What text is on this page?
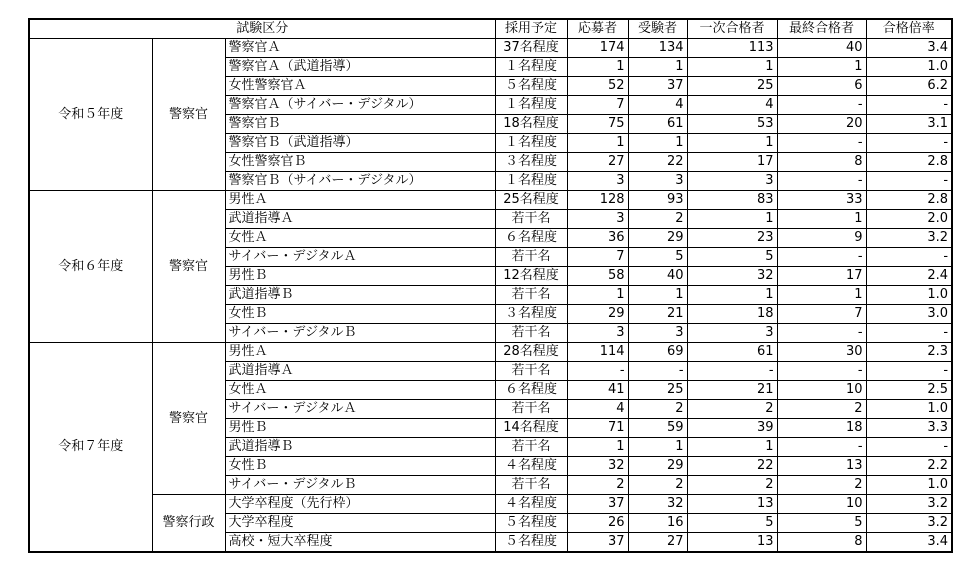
試験区分			採用予定	応募者	受験者	一次合格者	最終合格者	合格倍率
令和５年度	警察官	警察官Ａ	37名程度	174	134	113	40	3.4
		警察官Ａ（武道指導）	１名程度	1	1	1	1	1.0
		女性警察官Ａ	５名程度	52	37	25	6	6.2
		警察官Ａ（サイバー・デジタル）	１名程度	7	4	4	-	-
		警察官Ｂ	18名程度	75	61	53	20	3.1
		警察官Ｂ（武道指導）	１名程度	1	1	1	-	-
		女性警察官Ｂ	３名程度	27	22	17	8	2.8
		警察官Ｂ（サイバー・デジタル）	１名程度	3	3	3	-	-
令和６年度	警察官	男性Ａ	25名程度	128	93	83	33	2.8
		武道指導Ａ	若干名	3	2	1	1	2.0
		女性Ａ	６名程度	36	29	23	9	3.2
		サイバー・デジタルＡ	若干名	7	5	5	-	-
		男性Ｂ	12名程度	58	40	32	17	2.4
		武道指導Ｂ	若干名	1	1	1	1	1.0
		女性Ｂ	３名程度	29	21	18	7	3.0
		サイバー・デジタルＢ	若干名	3	3	3	-	-
令和７年度	警察官	男性Ａ	28名程度	114	69	61	30	2.3
		武道指導Ａ	若干名	-	-	-	-	-
		女性Ａ	６名程度	41	25	21	10	2.5
		サイバー・デジタルＡ	若干名	4	2	2	2	1.0
		男性Ｂ	14名程度	71	59	39	18	3.3
		武道指導Ｂ	若干名	1	1	1	-	-
		女性Ｂ	４名程度	32	29	22	13	2.2
		サイバー・デジタルＢ	若干名	2	2	2	2	1.0
	警察行政	大学卒程度（先行枠）	４名程度	37	32	13	10	3.2
		大学卒程度	５名程度	26	16	5	5	3.2
		高校・短大卒程度	５名程度	37	27	13	8	3.4
